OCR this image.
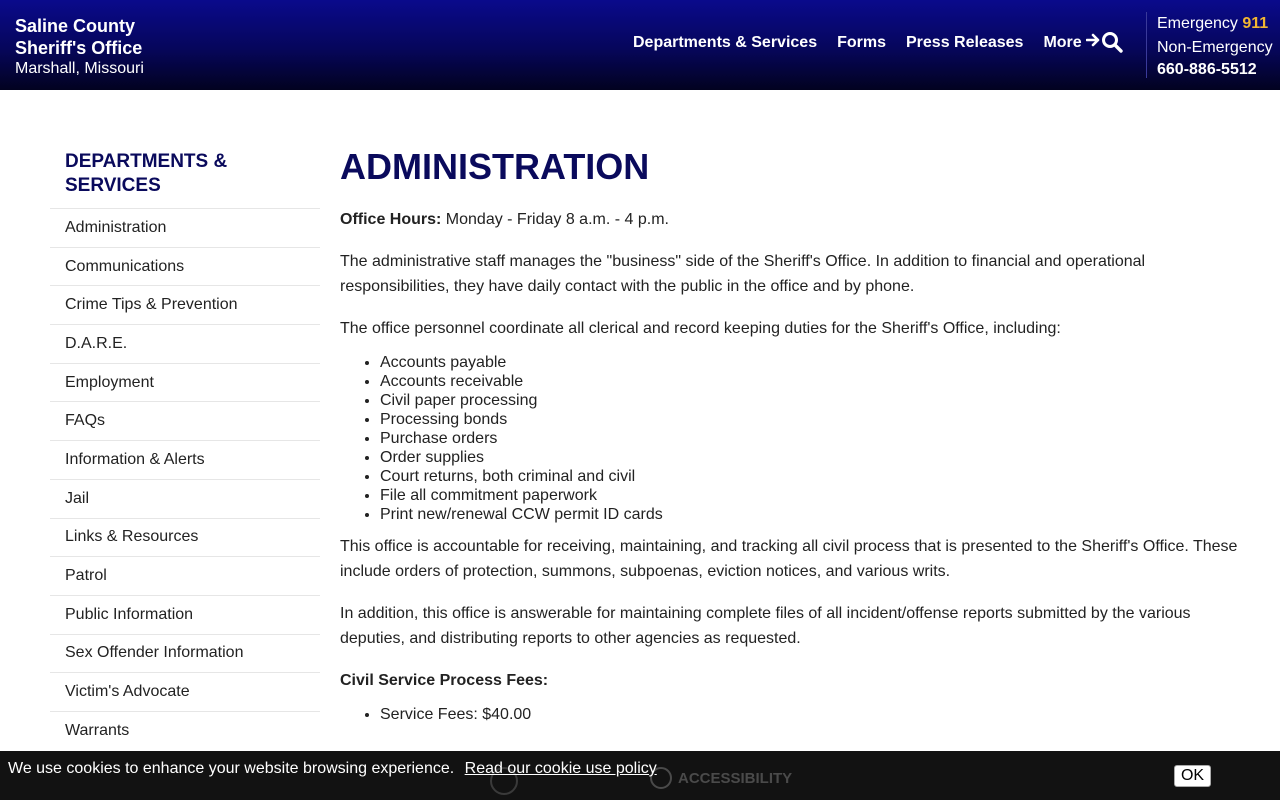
Saline County
Sheriff's Office
Marshall, Missouri
Departments & Services Forms Press Releases More
Emergency 911
Non-Emergency
660-886-5512
DEPARTMENTS & SERVICES
Administration
Communications
Crime Tips & Prevention
D.A.R.E.
Employment
FAQs
Information & Alerts
Jail
Links & Resources
Patrol
Public Information
Sex Offender Information
Victim's Advocate
Warrants
ADMINISTRATION

Office Hours: Monday - Friday 8 a.m. - 4 p.m.

The administrative staff manages the "business" side of the Sheriff's Office. In addition to financial and operational responsibilities, they have daily contact with the public in the office and by phone.

The office personnel coordinate all clerical and record keeping duties for the Sheriff's Office, including:

• Accounts payable
• Accounts receivable
• Civil paper processing
• Processing bonds
• Purchase orders
• Order supplies
• Court returns, both criminal and civil
• File all commitment paperwork
• Print new/renewal CCW permit ID cards

This office is accountable for receiving, maintaining, and tracking all civil process that is presented to the Sheriff's Office. These include orders of protection, summons, subpoenas, eviction notices, and various writs.

In addition, this office is answerable for maintaining complete files of all incident/offense reports submitted by the various deputies, and distributing reports to other agencies as requested.

Civil Service Process Fees:

• Service Fees: $40.00
ACCESSIBILITY
We use cookies to enhance your website browsing experience. Read our cookie use policy	OK
